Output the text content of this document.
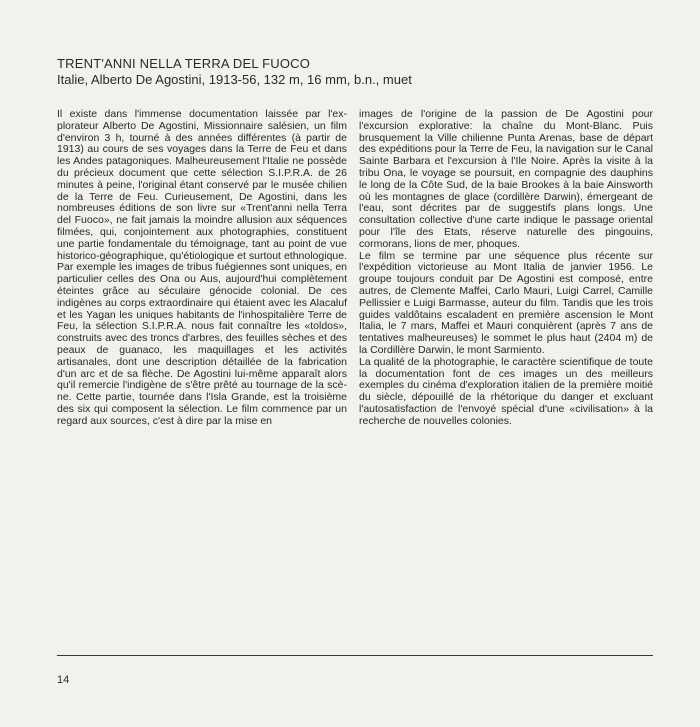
TRENT'ANNI NELLA TERRA DEL FUOCO
Italie, Alberto De Agostini, 1913-56, 132 m, 16 mm, b.n., muet

Il existe dans l'immense documentation laissée par l'explorateur Alberto De Agostini, Missionnaire salésien, un film d'environ 3 h, tourné à des années différentes (à partir de 1913) au cours de ses voyages dans la Terre de Feu et dans les Andes patagoniques. Malheureusement l'Italie ne possède du précieux document que cette sélection S.I.P.R.A. de 26 minutes à peine, l'original étant conservé par le musée chilien de la Terre de Feu. Curieusement, De Agostini, dans les nombreuses éditions de son livre sur «Trent'anni nella Terra del Fuoco», ne fait jamais la moindre allusion aux séquences filmées, qui, conjointement aux photographies, constituent une partie fondamentale du témoignage, tant au point de vue historico-géographique, qu'étiologique et surtout ethnologique. Par exemple les images de tribus fuégiennes sont uniques, en particulier celles des Ona ou Aus, aujourd'hui complètement éteintes grâce au séculaire génocide colonial. De ces indigènes au corps extraordinaire qui étaient avec les Alacaluf et les Yagan les uniques habitants de l'inhospitalière Terre de Feu, la sélection S.I.P.R.A. nous fait connaître les «toldos», construits avec des troncs d'arbres, des feuilles sèches et des peaux de guanaco, les maquillages et les activités artisanales, dont une description détaillée de la fabrication d'un arc et de sa flèche. De Agostini lui-même apparaît alors qu'il remercie l'indigène de s'être prêté au tournage de la scène. Cette partie, tournée dans l'Isla Grande, est la troisième des six qui composent la sélection. Le film commence par un regard aux sources, c'est à dire par la mise en

images de l'origine de la passion de De Agostini pour l'excursion explorative: la chaîne du Mont-Blanc. Puis brusquement la Ville chilienne Punta Arenas, base de départ des expéditions pour la Terre de Feu, la navigation sur le Canal Sainte Barbara et l'excursion à l'Ile Noire. Après la visite à la tribu Ona, le voyage se poursuit, en compagnie des dauphins le long de la Côte Sud, de la baie Brookes à la baie Ainsworth où les montagnes de glace (cordillère Darwin), émergeant de l'eau, sont décrites par de suggestifs plans longs. Une consultation collective d'une carte indique le passage oriental pour l'île des Etats, réserve naturelle des pingouins, cormorans, lions de mer, phoques.

Le film se termine par une séquence plus récente sur l'expédition victorieuse au Mont Italia de janvier 1956. Le groupe toujours conduit par De Agostini est composé, entre autres, de Clemente Maffei, Carlo Mauri, Luigi Carrel, Camille Pellissier e Luigi Barmasse, auteur du film. Tandis que les trois guides valdôtains escaladent en première ascension le Mont Italia, le 7 mars, Maffei et Mauri conquièrent (après 7 ans de tentatives malheureuses) le sommet le plus haut (2404 m) de la Cordillère Darwin, le mont Sarmiento.

La qualité de la photographie, le caractère scientifique de toute la documentation font de ces images un des meilleurs exemples du cinéma d'exploration italien de la première moitié du siècle, dépouillé de la rhétorique du danger et excluant l'autosatisfaction de l'envoyé spécial d'une «civilisation» à la recherche de nouvelles colonies.

14
